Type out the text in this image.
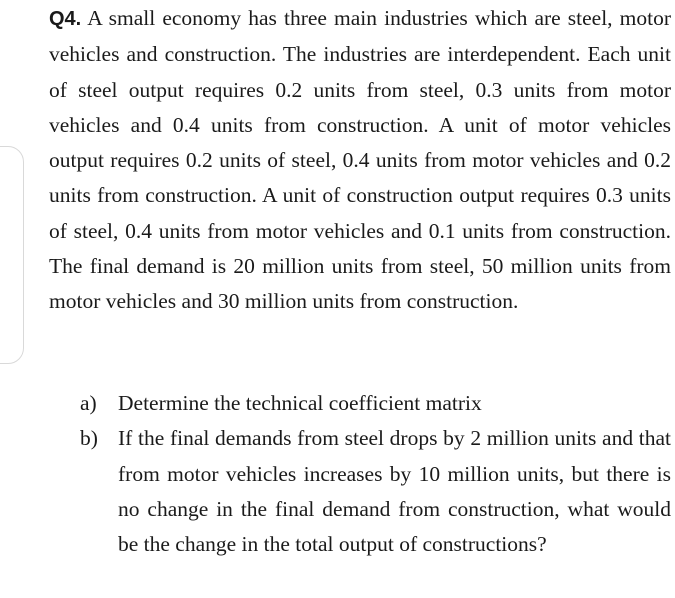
Q4. A small economy has three main industries which are steel, motor vehicles and construction. The industries are interdependent. Each unit of steel output requires 0.2 units from steel, 0.3 units from motor vehicles and 0.4 units from construction. A unit of motor vehicles output requires 0.2 units of steel, 0.4 units from motor vehicles and 0.2 units from construction. A unit of construction output requires 0.3 units of steel, 0.4 units from motor vehicles and 0.1 units from construction. The final demand is 20 million units from steel, 50 million units from motor vehicles and 30 million units from construction.

a) Determine the technical coefficient matrix
b) If the final demands from steel drops by 2 million units and that from motor vehicles increases by 10 million units, but there is no change in the final demand from construction, what would be the change in the total output of constructions?
